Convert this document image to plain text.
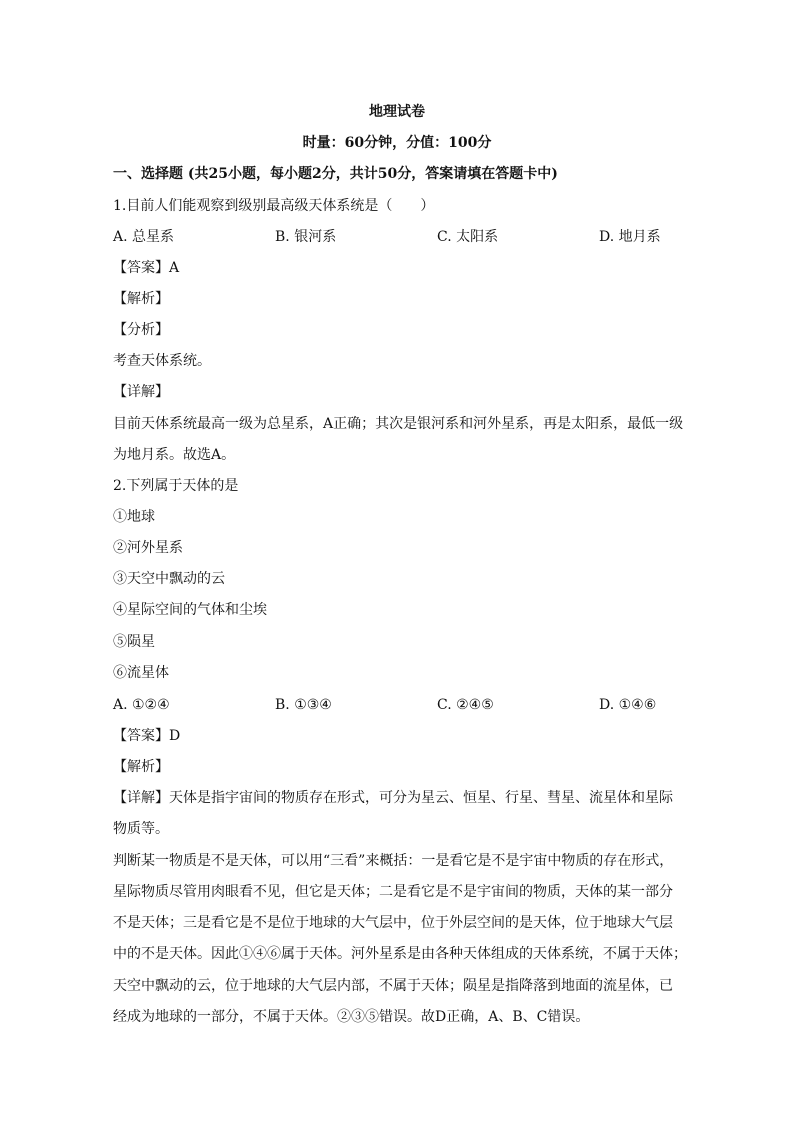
地理试卷
时量：60分钟，分值：100分
一、选择题 (共25小题，每小题2分，共计50分，答案请填在答题卡中)
1.目前人们能观察到级别最高级天体系统是（　　）
A. 总星系	B. 银河系	C. 太阳系	D. 地月系
【答案】A
【解析】
【分析】
考查天体系统。
【详解】
目前天体系统最高一级为总星系，A正确；其次是银河系和河外星系，再是太阳系，最低一级
为地月系。故选A。
2.下列属于天体的是
①地球
②河外星系
③天空中飘动的云
④星际空间的气体和尘埃
⑤陨星
⑥流星体
A. ①②④	B. ①③④	C. ②④⑤	D. ①④⑥
【答案】D
【解析】
【详解】天体是指宇宙间的物质存在形式，可分为星云、恒星、行星、彗星、流星体和星际
物质等。
判断某一物质是不是天体，可以用“三看”来概括：一是看它是不是宇宙中物质的存在形式，
星际物质尽管用肉眼看不见，但它是天体；二是看它是不是宇宙间的物质，天体的某一部分
不是天体；三是看它是不是位于地球的大气层中，位于外层空间的是天体，位于地球大气层
中的不是天体。因此①④⑥属于天体。河外星系是由各种天体组成的天体系统，不属于天体；
天空中飘动的云，位于地球的大气层内部，不属于天体；陨星是指降落到地面的流星体，已
经成为地球的一部分，不属于天体。②③⑤错误。故D正确，A、B、C错误。
